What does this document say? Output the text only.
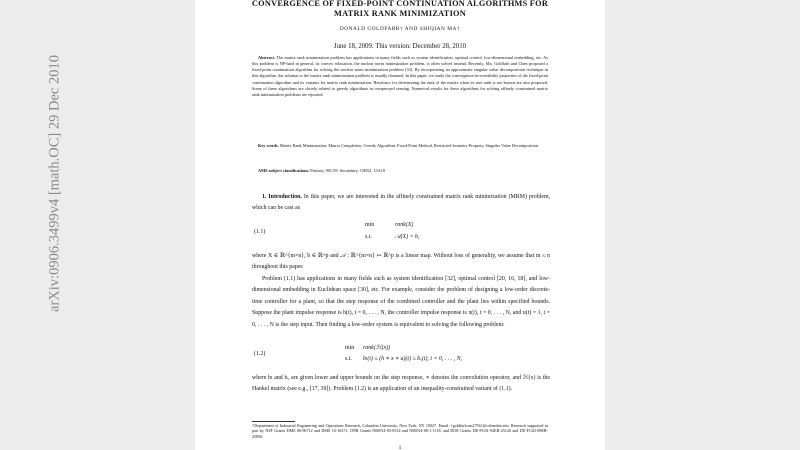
arXiv:0906.3499v4 [math.OC] 29 Dec 2010
CONVERGENCE OF FIXED-POINT CONTINUATION ALGORITHMS FOR
MATRIX RANK MINIMIZATION
DONALD GOLDFARB† AND SHIQIAN MA†
June 18, 2009. This version: December 28, 2010

Abstract. The matrix rank minimization problem has applications in many fields such as system identification, optimal control, low-dimensional embedding, etc. As this problem is NP-hard in general, its convex relaxation, the nuclear norm minimization problem, is often solved instead. Recently, Ma, Goldfarb and Chen proposed a fixed-point continuation algorithm for solving the nuclear norm minimization problem [33]. By incorporating an approximate singular value decomposition technique in this algorithm, the solution to the matrix rank minimization problem is usually obtained. In this paper, we study the convergence/recoverability properties of the fixed-point continuation algorithm and its variants for matrix rank minimization. Heuristics for determining the rank of the matrix when its true rank is not known are also proposed. Some of these algorithms are closely related to greedy algorithms in compressed sensing. Numerical results for these algorithms for solving affinely constrained matrix rank minimization problems are reported.

Key words. Matrix Rank Minimization, Matrix Completion, Greedy Algorithm, Fixed-Point Method, Restricted Isometry Property, Singular Value Decomposition

AMS subject classifications. Primary, 90C59; Secondary, 15B52, 15A18

1. Introduction. In this paper, we are interested in the affinely constrained matrix rank minimization (MRM) problem, which can be cast as

(1.1)
min	rank(X)
s.t.	𝒜(X) = b,

where X ∈ ℝ^{m×n}, b ∈ ℝ^p and 𝒜 : ℝ^{m×n} ↦ ℝ^p is a linear map. Without loss of generality, we assume that m ≤ n throughout this paper.

Problem (1.1) has applications in many fields such as system identification [32], optimal control [20, 16, 18], and low-dimensional embedding in Euclidean space [30], etc. For example, consider the problem of designing a low-order discrete-time controller for a plant, so that the step response of the combined controller and the plant lies within specified bounds. Suppose the plant impulse response is h(t), t = 0, . . . , N, the controller impulse response is x(t), t = 0, . . . , N, and u(t) = 1, t = 0, . . . , N is the step input. Then finding a low-order system is equivalent to solving the following problem:

(1.2)
min rank(ℋ(x))
s.t. bₗ(t) ≤ (h ∗ x ∗ u)(t) ≤ bᵤ(t), t = 0, . . . , N,

where bₗ and bᵤ are given lower and upper bounds on the step response, ∗ denotes the convolution operator, and ℋ(x) is the Hankel matrix (see e.g., [17, 39]). Problem (1.2) is an application of an inequality-constrained variant of (1.1).

†Department of Industrial Engineering and Operations Research, Columbia University, New York, NY 10027. Email: {goldfarb,sm2756}@columbia.edu. Research supported in part by NSF Grants DMS 06-06712 and DMS 10-16571, ONR Grants N00014-03-0514 and N00014-08-1-1118, and DOE Grants DE-FG01-92ER-25126 and DE-FG02-08ER-25856.

1
